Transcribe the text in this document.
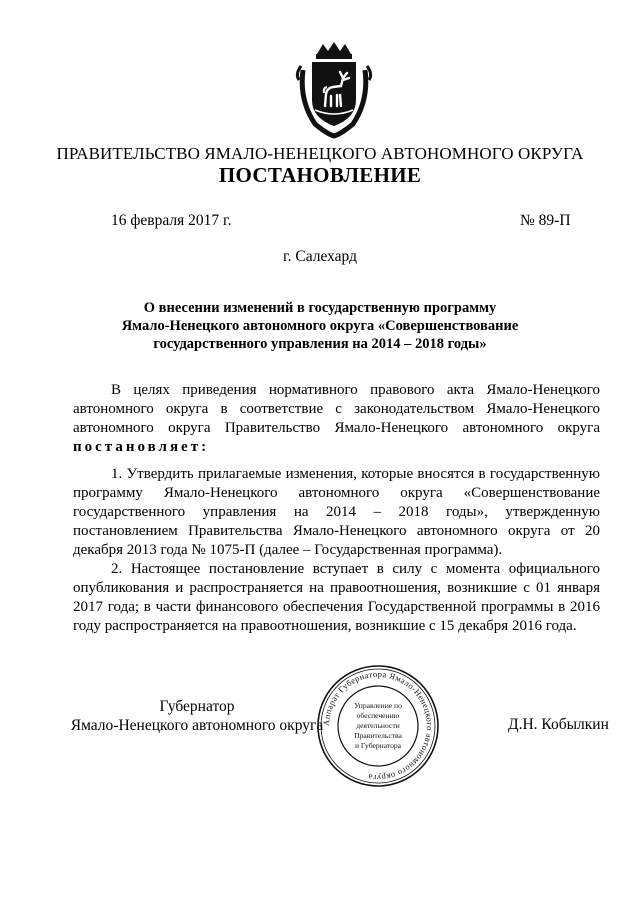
ПРАВИТЕЛЬСТВО ЯМАЛО-НЕНЕЦКОГО АВТОНОМНОГО ОКРУГА
ПОСТАНОВЛЕНИЕ
16 февраля 2017 г.	№ 89-П
г. Салехард
О внесении изменений в государственную программу
Ямало-Ненецкого автономного округа «Совершенствование
государственного управления на 2014 – 2018 годы»
В целях приведения нормативного правового акта Ямало-Ненецкого автономного округа в соответствие с законодательством Ямало-Ненецкого автономного округа Правительство Ямало-Ненецкого автономного округа постановляет:
1. Утвердить прилагаемые изменения, которые вносятся в государственную программу Ямало-Ненецкого автономного округа «Совершенствование государственного управления на 2014 – 2018 годы», утвержденную постановлением Правительства Ямало-Ненецкого автономного округа от 20 декабря 2013 года № 1075-П (далее – Государственная программа).
2. Настоящее постановление вступает в силу с момента официального опубликования и распространяется на правоотношения, возникшие с 01 января 2017 года; в части финансового обеспечения Государственной программы в 2016 году распространяется на правоотношения, возникшие с 15 декабря 2016 года.
Губернатор
Ямало-Ненецкого автономного округа	Д.Н. Кобылкин
Аппарат Губернатора Ямало-Ненецкого автономного округа
Управление по
обеспечению
деятельности
Правительства
и Губернатора
